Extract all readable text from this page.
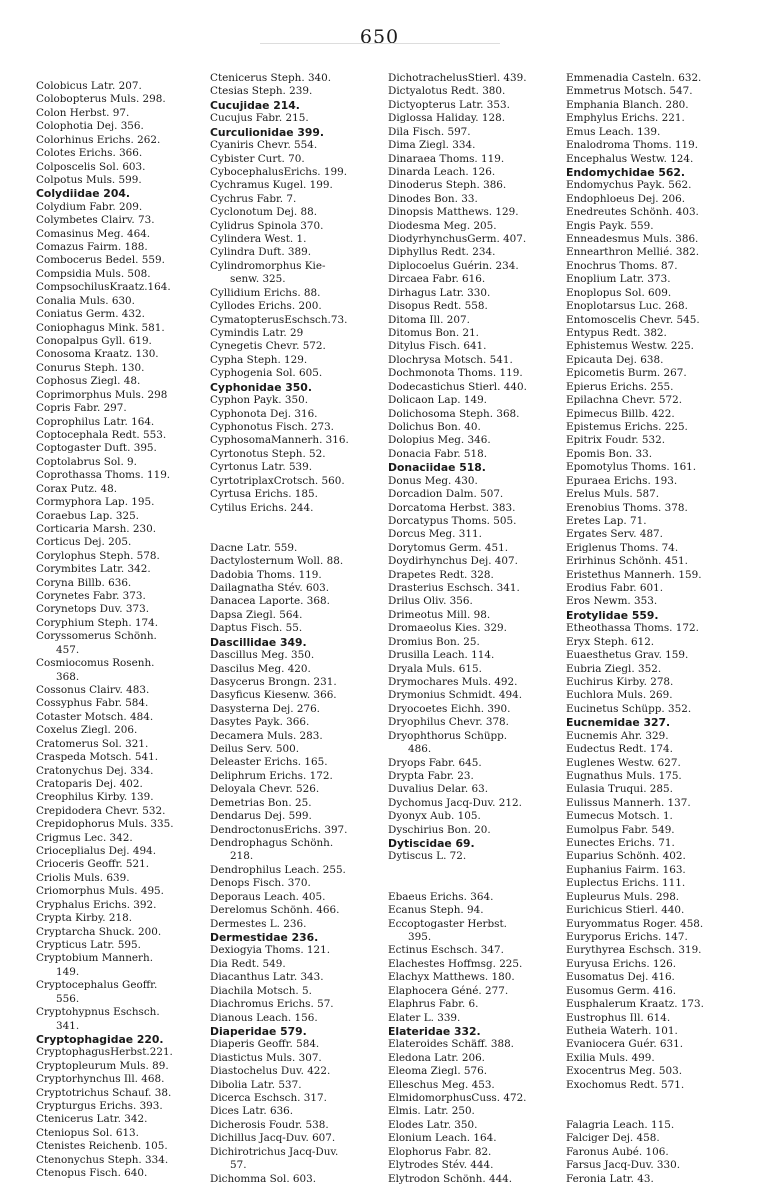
650
Colobicus Latr. 207.
Colobopterus Muls. 298.
Colon Herbst. 97.
Colophotia Dej. 356.
Colorhinus Erichs. 262.
Colotes Erichs. 366.
Colposcelis Sol. 603.
Colpotus Muls. 599.
Colydiidae 204.
Colydium Fabr. 209.
Colymbetes Clairv. 73.
Comasinus Meg. 464.
Comazus Fairm. 188.
Combocerus Bedel. 559.
Compsidia Muls. 508.
CompsochilusKraatz.164.
Conalia Muls. 630.
Coniatus Germ. 432.
Coniophagus Mink. 581.
Conopalpus Gyll. 619.
Conosoma Kraatz. 130.
Conurus Steph. 130.
Cophosus Ziegl. 48.
Coprimorphus Muls. 298
Copris Fabr. 297.
Coprophilus Latr. 164.
Coptocephala Redt. 553.
Coptogaster Duft. 395.
Coptolabrus Sol. 9.
Coprothassa Thoms. 119.
Corax Putz. 48.
Cormyphora Lap. 195.
Coraebus Lap. 325.
Corticaria Marsh. 230.
Corticus Dej. 205.
Corylophus Steph. 578.
Corymbites Latr. 342.
Coryna Billb. 636.
Corynetes Fabr. 373.
Corynetops Duv. 373.
Coryphium Steph. 174.
Coryssomerus Schönh.
457.
Cosmiocomus Rosenh.
368.
Cossonus Clairv. 483.
Cossyphus Fabr. 584.
Cotaster Motsch. 484.
Coxelus Ziegl. 206.
Cratomerus Sol. 321.
Craspeda Motsch. 541.
Cratonychus Dej. 334.
Cratoparis Dej. 402.
Creophilus Kirby. 139.
Crepidodera Chevr. 532.
Crepidophorus Muls. 335.
Crigmus Lec. 342.
Crioceplialus Dej. 494.
Crioceris Geoffr. 521.
Criolis Muls. 639.
Criomorphus Muls. 495.
Cryphalus Erichs. 392.
Crypta Kirby. 218.
Cryptarcha Shuck. 200.
Crypticus Latr. 595.
Cryptobium Mannerh.
149.
Cryptocephalus Geoffr.
556.
Cryptohypnus Eschsch.
341.
Cryptophagidae 220.
CryptophagusHerbst.221.
Cryptopleurum Muls. 89.
Cryptorhynchus Ill. 468.
Cryptotrichus Schauf. 38.
Crypturgus Erichs. 393.
Ctenicerus Latr. 342.
Cteniopus Sol. 613.
Ctenistes Reichenb. 105.
Ctenonychus Steph. 334.
Ctenopus Fisch. 640.
Ctenicerus Steph. 340.
Ctesias Steph. 239.
Cucujidae 214.
Cucujus Fabr. 215.
Curculionidae 399.
Cyaniris Chevr. 554.
Cybister Curt. 70.
CybocephalusErichs. 199.
Cychramus Kugel. 199.
Cychrus Fabr. 7.
Cyclonotum Dej. 88.
Cylidrus Spinola 370.
Cylindera West. 1.
Cylindra Duft. 389.
Cylindromorphus Kie-
senw. 325.
Cyllidium Erichs. 88.
Cyllodes Erichs. 200.
CymatopterusEschsch.73.
Cymindis Latr. 29
Cynegetis Chevr. 572.
Cypha Steph. 129.
Cyphogenia Sol. 605.
Cyphonidae 350.
Cyphon Payk. 350.
Cyphonota Dej. 316.
Cyphonotus Fisch. 273.
CyphosomaMannerh. 316.
Cyrtonotus Steph. 52.
Cyrtonus Latr. 539.
CyrtotriplaxCrotsch. 560.
Cyrtusa Erichs. 185.
Cytilus Erichs. 244.
Dacne Latr. 559.
Dactylosternum Woll. 88.
Dadobia Thoms. 119.
Dailagnatha Stév. 603.
Danacea Laporte. 368.
Dapsa Ziegl. 564.
Daptus Fisch. 55.
Dascillidae 349.
Dascillus Meg. 350.
Dascilus Meg. 420.
Dasycerus Brongn. 231.
Dasyficus Kiesenw. 366.
Dasysterna Dej. 276.
Dasytes Payk. 366.
Decamera Muls. 283.
Deilus Serv. 500.
Deleaster Erichs. 165.
Deliphrum Erichs. 172.
Deloyala Chevr. 526.
Demetrias Bon. 25.
Dendarus Dej. 599.
DendroctonusErichs. 397.
Dendrophagus Schönh.
218.
Dendrophilus Leach. 255.
Denops Fisch. 370.
Deporaus Leach. 405.
Derelomus Schönh. 466.
Dermestes L. 236.
Dermestidae 236.
Dexiogyia Thoms. 121.
Dia Redt. 549.
Diacanthus Latr. 343.
Diachila Motsch. 5.
Diachromus Erichs. 57.
Dianous Leach. 156.
Diaperidae 579.
Diaperis Geoffr. 584.
Diastictus Muls. 307.
Diastochelus Duv. 422.
Dibolia Latr. 537.
Dicerca Eschsch. 317.
Dices Latr. 636.
Dicherosis Foudr. 538.
Dichillus Jacq-Duv. 607.
Dichirotrichus Jacq-Duv.
57.
Dichomma Sol. 603.
DichotrachelusStierl. 439.
Dictyalotus Redt. 380.
Dictyopterus Latr. 353.
Diglossa Haliday. 128.
Dila Fisch. 597.
Dima Ziegl. 334.
Dinaraea Thoms. 119.
Dinarda Leach. 126.
Dinoderus Steph. 386.
Dinodes Bon. 33.
Dinopsis Matthews. 129.
Diodesma Meg. 205.
DiodyrhynchusGerm. 407.
Diphyllus Redt. 234.
Diplocoelus Guérin. 234.
Dircaea Fabr. 616.
Dirhagus Latr. 330.
Disopus Redt. 558.
Ditoma Ill. 207.
Ditomus Bon. 21.
Ditylus Fisch. 641.
Dlochrysa Motsch. 541.
Dochmonota Thoms. 119.
Dodecastichus Stierl. 440.
Dolicaon Lap. 149.
Dolichosoma Steph. 368.
Dolichus Bon. 40.
Dolopius Meg. 346.
Donacia Fabr. 518.
Donaciidae 518.
Donus Meg. 430.
Dorcadion Dalm. 507.
Dorcatoma Herbst. 383.
Dorcatypus Thoms. 505.
Dorcus Meg. 311.
Dorytomus Germ. 451.
Doydirhynchus Dej. 407.
Drapetes Redt. 328.
Drasterius Eschsch. 341.
Drilus Oliv. 356.
Drimeotus Mill. 98.
Dromaeolus Kies. 329.
Dromius Bon. 25.
Drusilla Leach. 114.
Dryala Muls. 615.
Drymochares Muls. 492.
Drymonius Schmidt. 494.
Dryocoetes Eichh. 390.
Dryophilus Chevr. 378.
Dryophthorus Schüpp.
486.
Dryops Fabr. 645.
Drypta Fabr. 23.
Duvalius Delar. 63.
Dychomus Jacq-Duv. 212.
Dyonyx Aub. 105.
Dyschirius Bon. 20.
Dytiscidae 69.
Dytiscus L. 72.
Ebaeus Erichs. 364.
Ecanus Steph. 94.
Eccoptogaster Herbst.
395.
Ectinus Eschsch. 347.
Elachestes Hoffmsg. 225.
Elachyx Matthews. 180.
Elaphocera Géné. 277.
Elaphrus Fabr. 6.
Elater L. 339.
Elateridae 332.
Elateroides Schäff. 388.
Eledona Latr. 206.
Eleoma Ziegl. 576.
Elleschus Meg. 453.
ElmidomorphusCuss. 472.
Elmis. Latr. 250.
Elodes Latr. 350.
Elonium Leach. 164.
Elophorus Fabr. 82.
Elytrodes Stév. 444.
Elytrodon Schönh. 444.
Emmenadia Casteln. 632.
Emmetrus Motsch. 547.
Emphania Blanch. 280.
Emphylus Erichs. 221.
Emus Leach. 139.
Enalodroma Thoms. 119.
Encephalus Westw. 124.
Endomychidae 562.
Endomychus Payk. 562.
Endophloeus Dej. 206.
Enedreutes Schönh. 403.
Engis Payk. 559.
Enneadesmus Muls. 386.
Ennearthron Mellié. 382.
Enochrus Thoms. 87.
Enoplium Latr. 373.
Enoplopus Sol. 609.
Enoplotarsus Luc. 268.
Entomoscelis Chevr. 545.
Entypus Redt. 382.
Ephistemus Westw. 225.
Epicauta Dej. 638.
Epicometis Burm. 267.
Epierus Erichs. 255.
Epilachna Chevr. 572.
Epimecus Billb. 422.
Epistemus Erichs. 225.
Epitrix Foudr. 532.
Epomis Bon. 33.
Epomotylus Thoms. 161.
Epuraea Erichs. 193.
Erelus Muls. 587.
Erenobius Thoms. 378.
Eretes Lap. 71.
Ergates Serv. 487.
Eriglenus Thoms. 74.
Erirhinus Schönh. 451.
Eristethus Mannerh. 159.
Erodius Fabr. 601.
Eros Newm. 353.
Erotylidae 559.
Etheothassa Thoms. 172.
Eryx Steph. 612.
Euaesthetus Grav. 159.
Eubria Ziegl. 352.
Euchirus Kirby. 278.
Euchlora Muls. 269.
Eucinetus Schüpp. 352.
Eucnemidae 327.
Eucnemis Ahr. 329.
Eudectus Redt. 174.
Euglenes Westw. 627.
Eugnathus Muls. 175.
Eulasia Truqui. 285.
Eulissus Mannerh. 137.
Eumecus Motsch. 1.
Eumolpus Fabr. 549.
Eunectes Erichs. 71.
Euparius Schönh. 402.
Euphanius Fairm. 163.
Euplectus Erichs. 111.
Eupleurus Muls. 298.
Eurichicus Stierl. 440.
Euryommatus Roger. 458.
Euryporus Erichs. 147.
Eurythyrea Eschsch. 319.
Euryusa Erichs. 126.
Eusomatus Dej. 416.
Eusomus Germ. 416.
Eusphalerum Kraatz. 173.
Eustrophus Ill. 614.
Eutheia Waterh. 101.
Evaniocera Guér. 631.
Exilia Muls. 499.
Exocentrus Meg. 503.
Exochomus Redt. 571.
Falagria Leach. 115.
Falciger Dej. 458.
Faronus Aubé. 106.
Farsus Jacq-Duv. 330.
Feronia Latr. 43.
